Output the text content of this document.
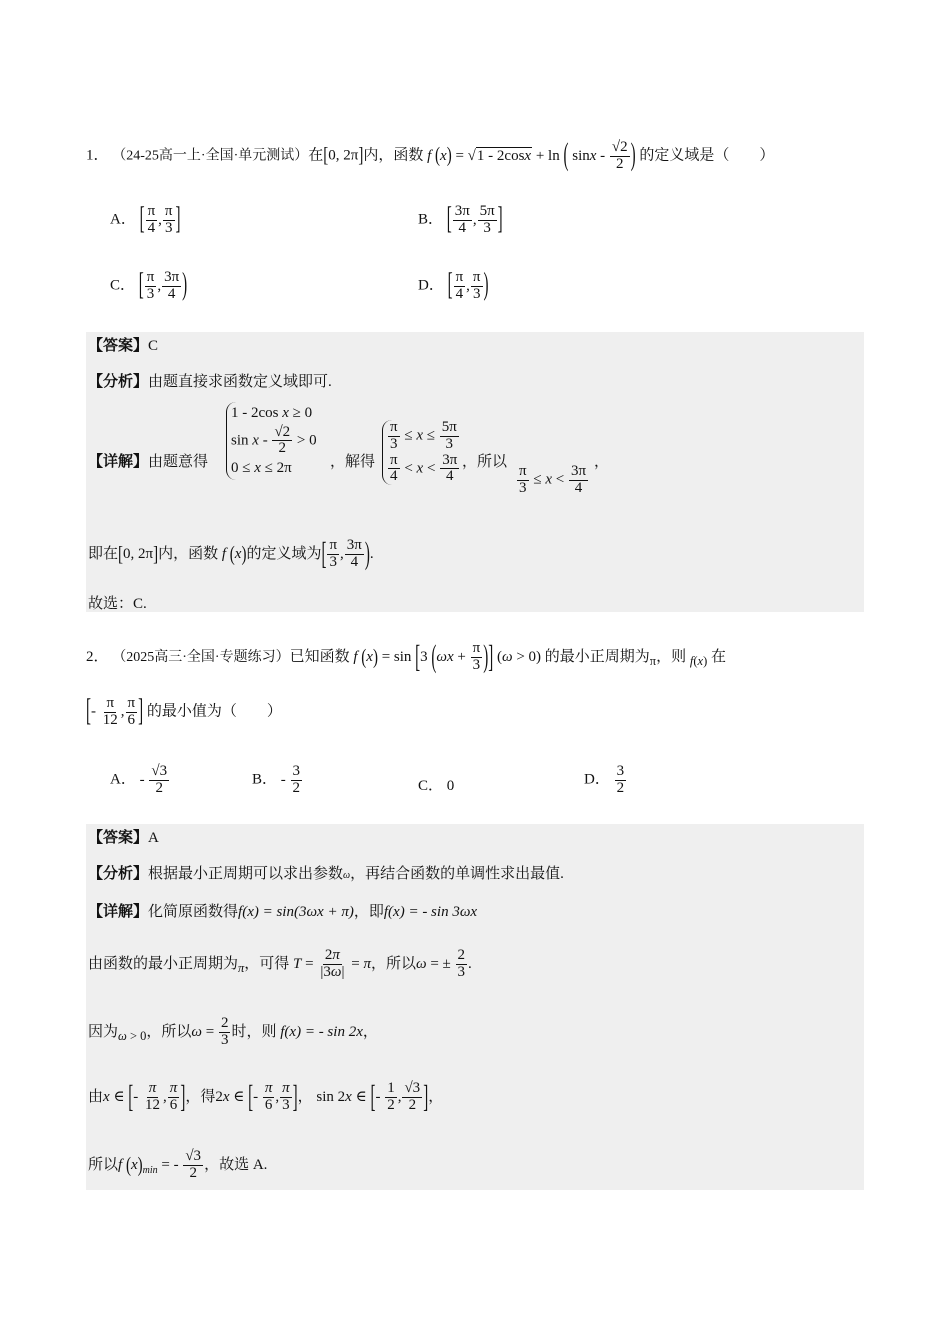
1． （24-25高一上·全国·单元测试）在[0, 2π]内，函数 f (x) = √1 - 2cosx + ln ( sinx - $\frac{√2}{2}$ ) 的定义域是（　　）
A． [ $\frac{\pi}{4}$ , $\frac{\pi}{3}$ ]	B． [ $\frac{3\pi}{4}$ , $\frac{5\pi}{3}$ ]
C． [ $\frac{\pi}{3}$ , $\frac{3\pi}{4}$ )	D． [ $\frac{\pi}{4}$ , $\frac{\pi}{3}$ )
【答案】C
【分析】由题直接求函数定义域即可.
【详解】由题意得
1 - 2cos x ≥ 0
$\sin x - \frac{√2}{2} > 0$
0 ≤ x ≤ 2π	，解得
$\frac{\pi}{3} \le x \le \frac{5\pi}{3}$
$\frac{\pi}{4} < x < \frac{3\pi}{4}$ ，所以
$\frac{\pi}{3} \le x < \frac{3\pi}{4}$
，
即在[0, 2π]内，函数 f (x)的定义域为[ $\frac{\pi}{3}$ , $\frac{3\pi}{4}$ ).
故选：C.
2． （2025高三·全国·专题练习）已知函数 f (x) = sin [3 ($\omega x + \frac{\pi}{3}$ )] (ω > 0) 的最小正周期为$_\pi$，则 $_{f(x)}$ 在
[- $\frac{\pi}{12}$ , $\frac{\pi}{6}$ ] 的最小值为（　　）
A． - $\frac{√3}{2}$	B． - $\frac{3}{2}$	C． 0	D． $\frac{3}{2}$
【答案】A
【分析】根据最小正周期可以求出参数ω，再结合函数的单调性求出最值.
【详解】化简原函数得f(x) = sin(3ωx + π)，即f(x) = - sin 3ωx
由函数的最小正周期为$_\pi$，可得 $T = \frac{2\pi}{|3\omega|} = \pi$，所以ω = ± $\frac{2}{3}$ .
因为$_{\omega > 0}$，所以$\omega = \frac{2}{3}$ 时，则 f(x) = - sin 2x，
由x ∈ [- $\frac{\pi}{12}$ , $\frac{\pi}{6}$ ]，得2x ∈ [- $\frac{\pi}{6}$ , $\frac{\pi}{3}$ ]， sin 2x ∈ [- $\frac{1}{2}$ , $\frac{√3}{2}$ ]，
所以f $(x)_{min}$ = - $\frac{√3}{2}$ ，故选 A.
